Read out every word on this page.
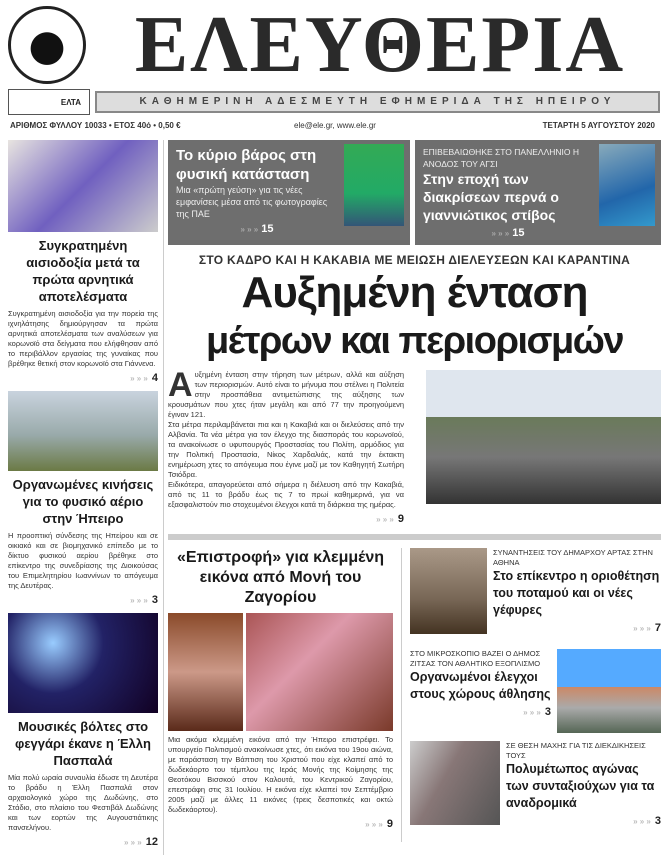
ΕΛΕΥΘΕΡΙΑ
ΕΛΤΑ	ΚΑΘΗΜΕΡΙΝΗ ΑΔΕΣΜΕΥΤΗ ΕΦΗΜΕΡΙΔΑ ΤΗΣ ΗΠΕΙΡΟΥ
ΑΡΙΘΜΟΣ ΦΥΛΛΟΥ 10033 • ΕΤΟΣ 40ό • 0,50 €	ele@ele.gr, www.ele.gr	ΤΕΤΑΡΤΗ 5 ΑΥΓΟΥΣΤΟΥ 2020
Συγκρατημένη αισιοδοξία μετά τα πρώτα αρνητικά αποτελέσματα
Συγκρατημένη αισιοδοξία για την πορεία της ιχνηλάτησης δημιούργησαν τα πρώτα αρνητικά αποτελέσματα των αναλύσεων για κορωνοϊό στα δείγματα που ελήφθησαν από το περιβάλλον εργασίας της γυναίκας που βρέθηκε θετική στον κορωνοϊό στα Γιάννενα.
» » » 4
Οργανωμένες κινήσεις για το φυσικό αέριο στην Ήπειρο
Η προοπτική σύνδεσης της Ηπείρου και σε οικιακό και σε βιομηχανικό επίπεδο με το δίκτυο φυσικού αερίου βρέθηκε στο επίκεντρο της συνεδρίασης της Διοικούσας του Επιμελητηρίου Ιωαννίνων το απόγευμα της Δευτέρας.
» » » 3
Μουσικές βόλτες στο φεγγάρι έκανε η Έλλη Πασπαλά
Μία πολύ ωραία συναυλία έδωσε τη Δευτέρα το βράδυ η Έλλη Πασπαλά στον αρχαιολογικό χώρο της Δωδώνης, στο Στάδιο, στο πλαίσιο του Φεστιβάλ Δωδώνης και των εορτών της Αυγουστιάτικης πανσελήνου.
» » » 12
Το κύριο βάρος στη φυσική κατάσταση
Μια «πρώτη γεύση» για τις νέες εμφανίσεις μέσα από τις φωτογραφίες της ΠΑΕ
» » » 15
ΕΠΙΒΕΒΑΙΩΘΗΚΕ ΣΤΟ ΠΑΝΕΛΛΗΝΙΟ Η ΑΝΟΔΟΣ ΤΟΥ ΑΓΣΙ
Στην εποχή των διακρίσεων περνά ο γιαννιώτικος στίβος
» » » 15
ΣΤΟ ΚΑΔΡΟ ΚΑΙ Η ΚΑΚΑΒΙΑ ΜΕ ΜΕΙΩΣΗ ΔΙΕΛΕΥΣΕΩΝ ΚΑΙ ΚΑΡΑΝΤΙΝΑ
Αυξημένη ένταση
μέτρων και περιορισμών
Αυξημένη ένταση στην τήρηση των μέτρων, αλλά και αύξηση των περιορισμών. Αυτό είναι το μήνυμα που στέλνει η Πολιτεία στην προσπάθεια αντιμετώπισης της αύξησης των κρουσμάτων που χτες ήταν μεγάλη και από 77 την προηγούμενη έγιναν 121.
Στα μέτρα περιλαμβάνεται πια και η Κακαβιά και οι διελεύσεις από την Αλβανία. Τα νέα μέτρα για τον έλεγχο της διασποράς του κορωνοϊού, τα ανακοίνωσε ο υφυπουργός Προστασίας του Πολίτη, αρμόδιος για την Πολιτική Προστασία, Νίκος Χαρδαλιάς, κατά την έκτακτη ενημέρωση χτες το απόγευμα που έγινε μαζί με τον Καθηγητή Σωτήρη Τσιόδρα.
Ειδικότερα, απαγορεύεται από σήμερα η διέλευση από την Κακαβιά, από τις 11 το βράδυ έως τις 7 το πρωί καθημερινά, για να εξασφαλιστούν πιο στοχευμένοι έλεγχοι κατά τη διάρκεια της ημέρας.
» » » 9
«Επιστροφή» για κλεμμένη εικόνα από Μονή του Ζαγορίου
Μια ακόμα κλεμμένη εικόνα από την Ήπειρο επιστρέφει. Το υπουργείο Πολιτισμού ανακοίνωσε χτες, ότι εικόνα του 19ου αιώνα, με παράσταση την Βάπτιση του Χριστού που είχε κλαπεί από το δωδεκάορτο του τέμπλου της Ιεράς Μονής της Κοίμησης της Θεοτόκου Βισσκού στον Καλουτά, του Κεντρικού Ζαγορίου, επεστράφη στις 31 Ιουλίου. Η εικόνα είχε κλαπεί τον Σεπτέμβριο 2005 μαζί με άλλες 11 εικόνες (τρεις δεσποτικές και οκτώ δωδεκάορτου).
» » » 9
ΣΥΝΑΝΤΗΣΕΙΣ ΤΟΥ ΔΗΜΑΡΧΟΥ ΑΡΤΑΣ ΣΤΗΝ ΑΘΗΝΑ
Στο επίκεντρο η οριοθέτηση του ποταμού και οι νέες γέφυρες
» » » 7
ΣΤΟ ΜΙΚΡΟΣΚΟΠΙΟ ΒΑΖΕΙ Ο ΔΗΜΟΣ ΖΙΤΣΑΣ ΤΟΝ ΑΘΛΗΤΙΚΟ ΕΞΟΠΛΙΣΜΟ
Οργανωμένοι έλεγχοι στους χώρους άθλησης
» » » 3
ΣΕ ΘΕΣΗ ΜΑΧΗΣ ΓΙΑ ΤΙΣ ΔΙΕΚΔΙΚΗΣΕΙΣ ΤΟΥΣ
Πολυμέτωπος αγώνας των συνταξιούχων για τα αναδρομικά
» » » 3
